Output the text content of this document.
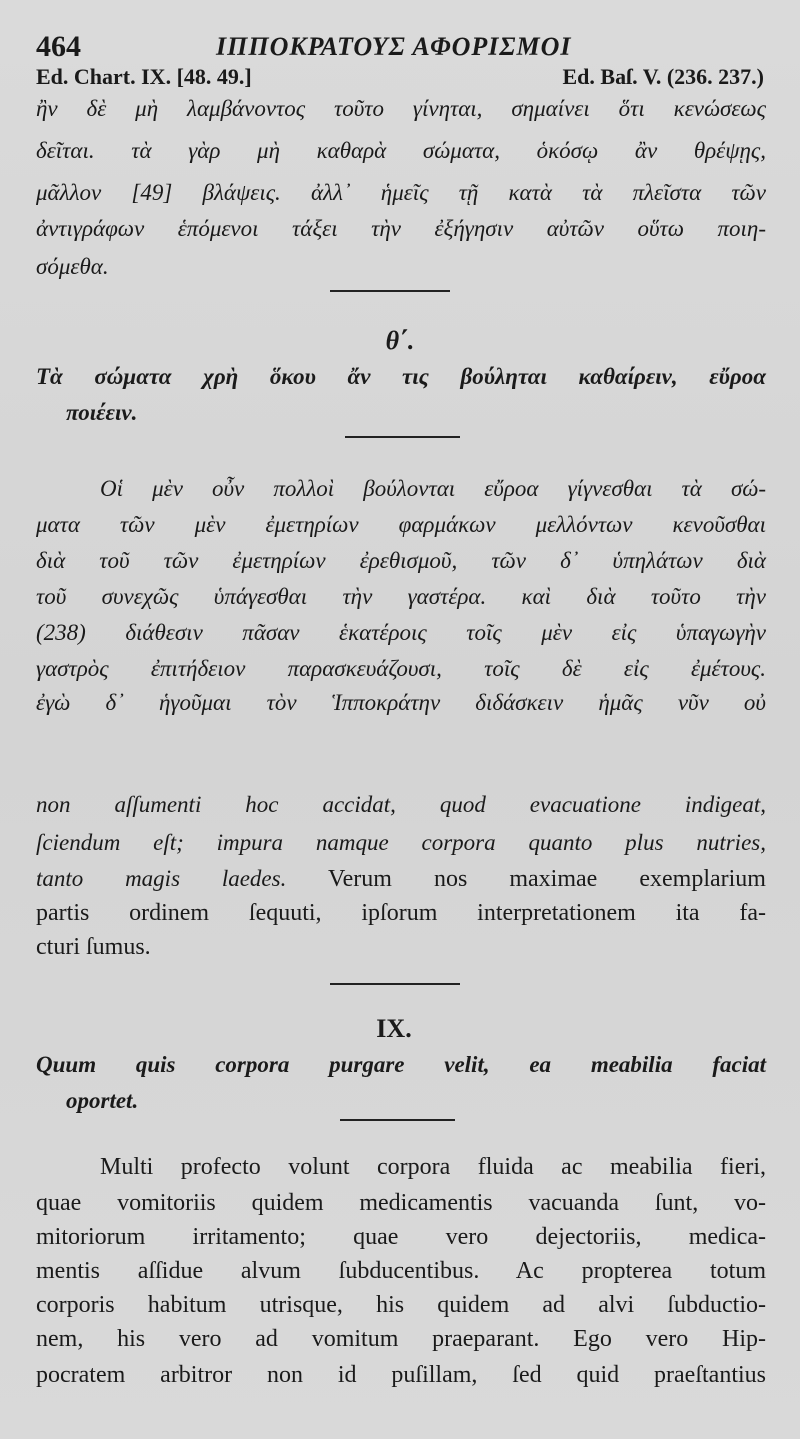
464	ΙΠΠΟΚΡΑΤΟΥΣ ΑΦΟΡΙΣΜΟΙ
Ed. Chart. IX. [48. 49.]	Ed. Baſ. V. (236. 237.)
ἢν δὲ μὴ λαμβάνοντος τοῦτο γίνηται, σημαίνει ὅτι κενώσεως
δεῖται. τὰ γὰρ μὴ καθαρὰ σώματα, ὁκόσῳ ἂν θρέψῃς,
μᾶλλον [49] βλάψεις. ἀλλ᾽ ἡμεῖς τῇ κατὰ τὰ πλεῖστα τῶν
ἀντιγράφων ἑπόμενοι τάξει τὴν ἐξήγησιν αὐτῶν οὕτω ποιη-
σόμεθα.
θ΄.
Τὰ σώματα χρὴ ὅκου ἄν τις βούληται καθαίρειν, εὔροα
ποιέειν.
Οἱ μὲν οὖν πολλοὶ βούλονται εὔροα γίγνεσθαι τὰ σώ-
ματα τῶν μὲν ἐμετηρίων φαρμάκων μελλόντων κενοῦσθαι
διὰ τοῦ τῶν ἐμετηρίων ἐρεθισμοῦ, τῶν δ᾽ ὑπηλάτων διὰ
τοῦ συνεχῶς ὑπάγεσθαι τὴν γαστέρα. καὶ διὰ τοῦτο τὴν
(238) διάθεσιν πᾶσαν ἑκατέροις τοῖς μὲν εἰς ὑπαγωγὴν
γαστρὸς ἐπιτήδειον παρασκευάζουσι, τοῖς δὲ εἰς ἐμέτους.
ἐγὼ δ᾽ ἡγοῦμαι τὸν Ἱπποκράτην διδάσκειν ἡμᾶς νῦν οὐ
non aſſumenti hoc accidat, quod evacuatione indigeat,
ſciendum eſt; impura namque corpora quanto plus nutries,
tanto magis laedes. Verum nos maximae exemplarium
partis ordinem ſequuti, ipſorum interpretationem ita fa-
cturi ſumus.
IX.
Quum quis corpora purgare velit, ea meabilia faciat
oportet.
Multi profecto volunt corpora fluida ac meabilia fieri,
quae vomitoriis quidem medicamentis vacuanda ſunt, vo-
mitoriorum irritamento; quae vero dejectoriis, medica-
mentis aſſidue alvum ſubducentibus. Ac propterea totum
corporis habitum utrisque, his quidem ad alvi ſubductio-
nem, his vero ad vomitum praeparant. Ego vero Hip-
pocratem arbitror non id puſillam, ſed quid praeſtantius
